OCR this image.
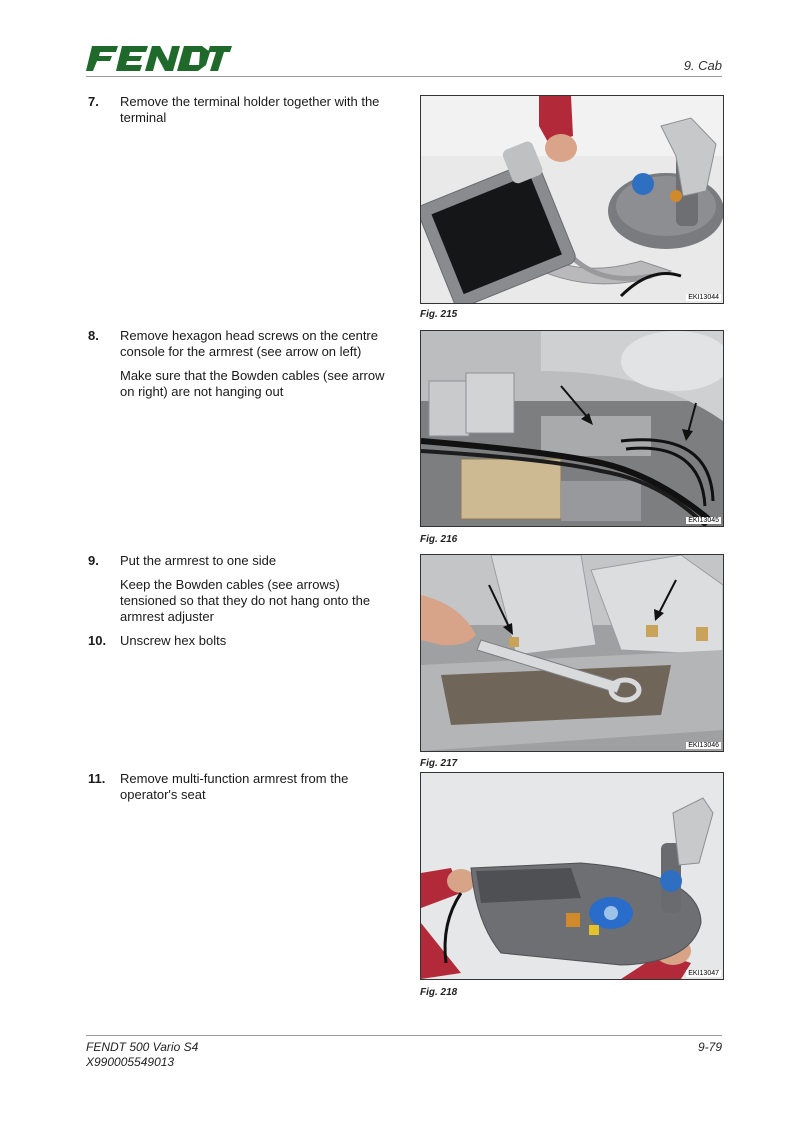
9. Cab
7. Remove the terminal holder together with the terminal
8. Remove hexagon head screws on the centre console for the armrest (see arrow on left)
Make sure that the Bowden cables (see arrow on right) are not hanging out
9. Put the armrest to one side
Keep the Bowden cables (see arrows) tensioned so that they do not hang onto the armrest adjuster
10. Unscrew hex bolts
11. Remove multi-function armrest from the operator's seat
EKI13044
Fig. 215
EKI13045
Fig. 216
EKI13046
Fig. 217
EKI13047
Fig. 218
FENDT 500 Vario S4
X990005549013
9-79
